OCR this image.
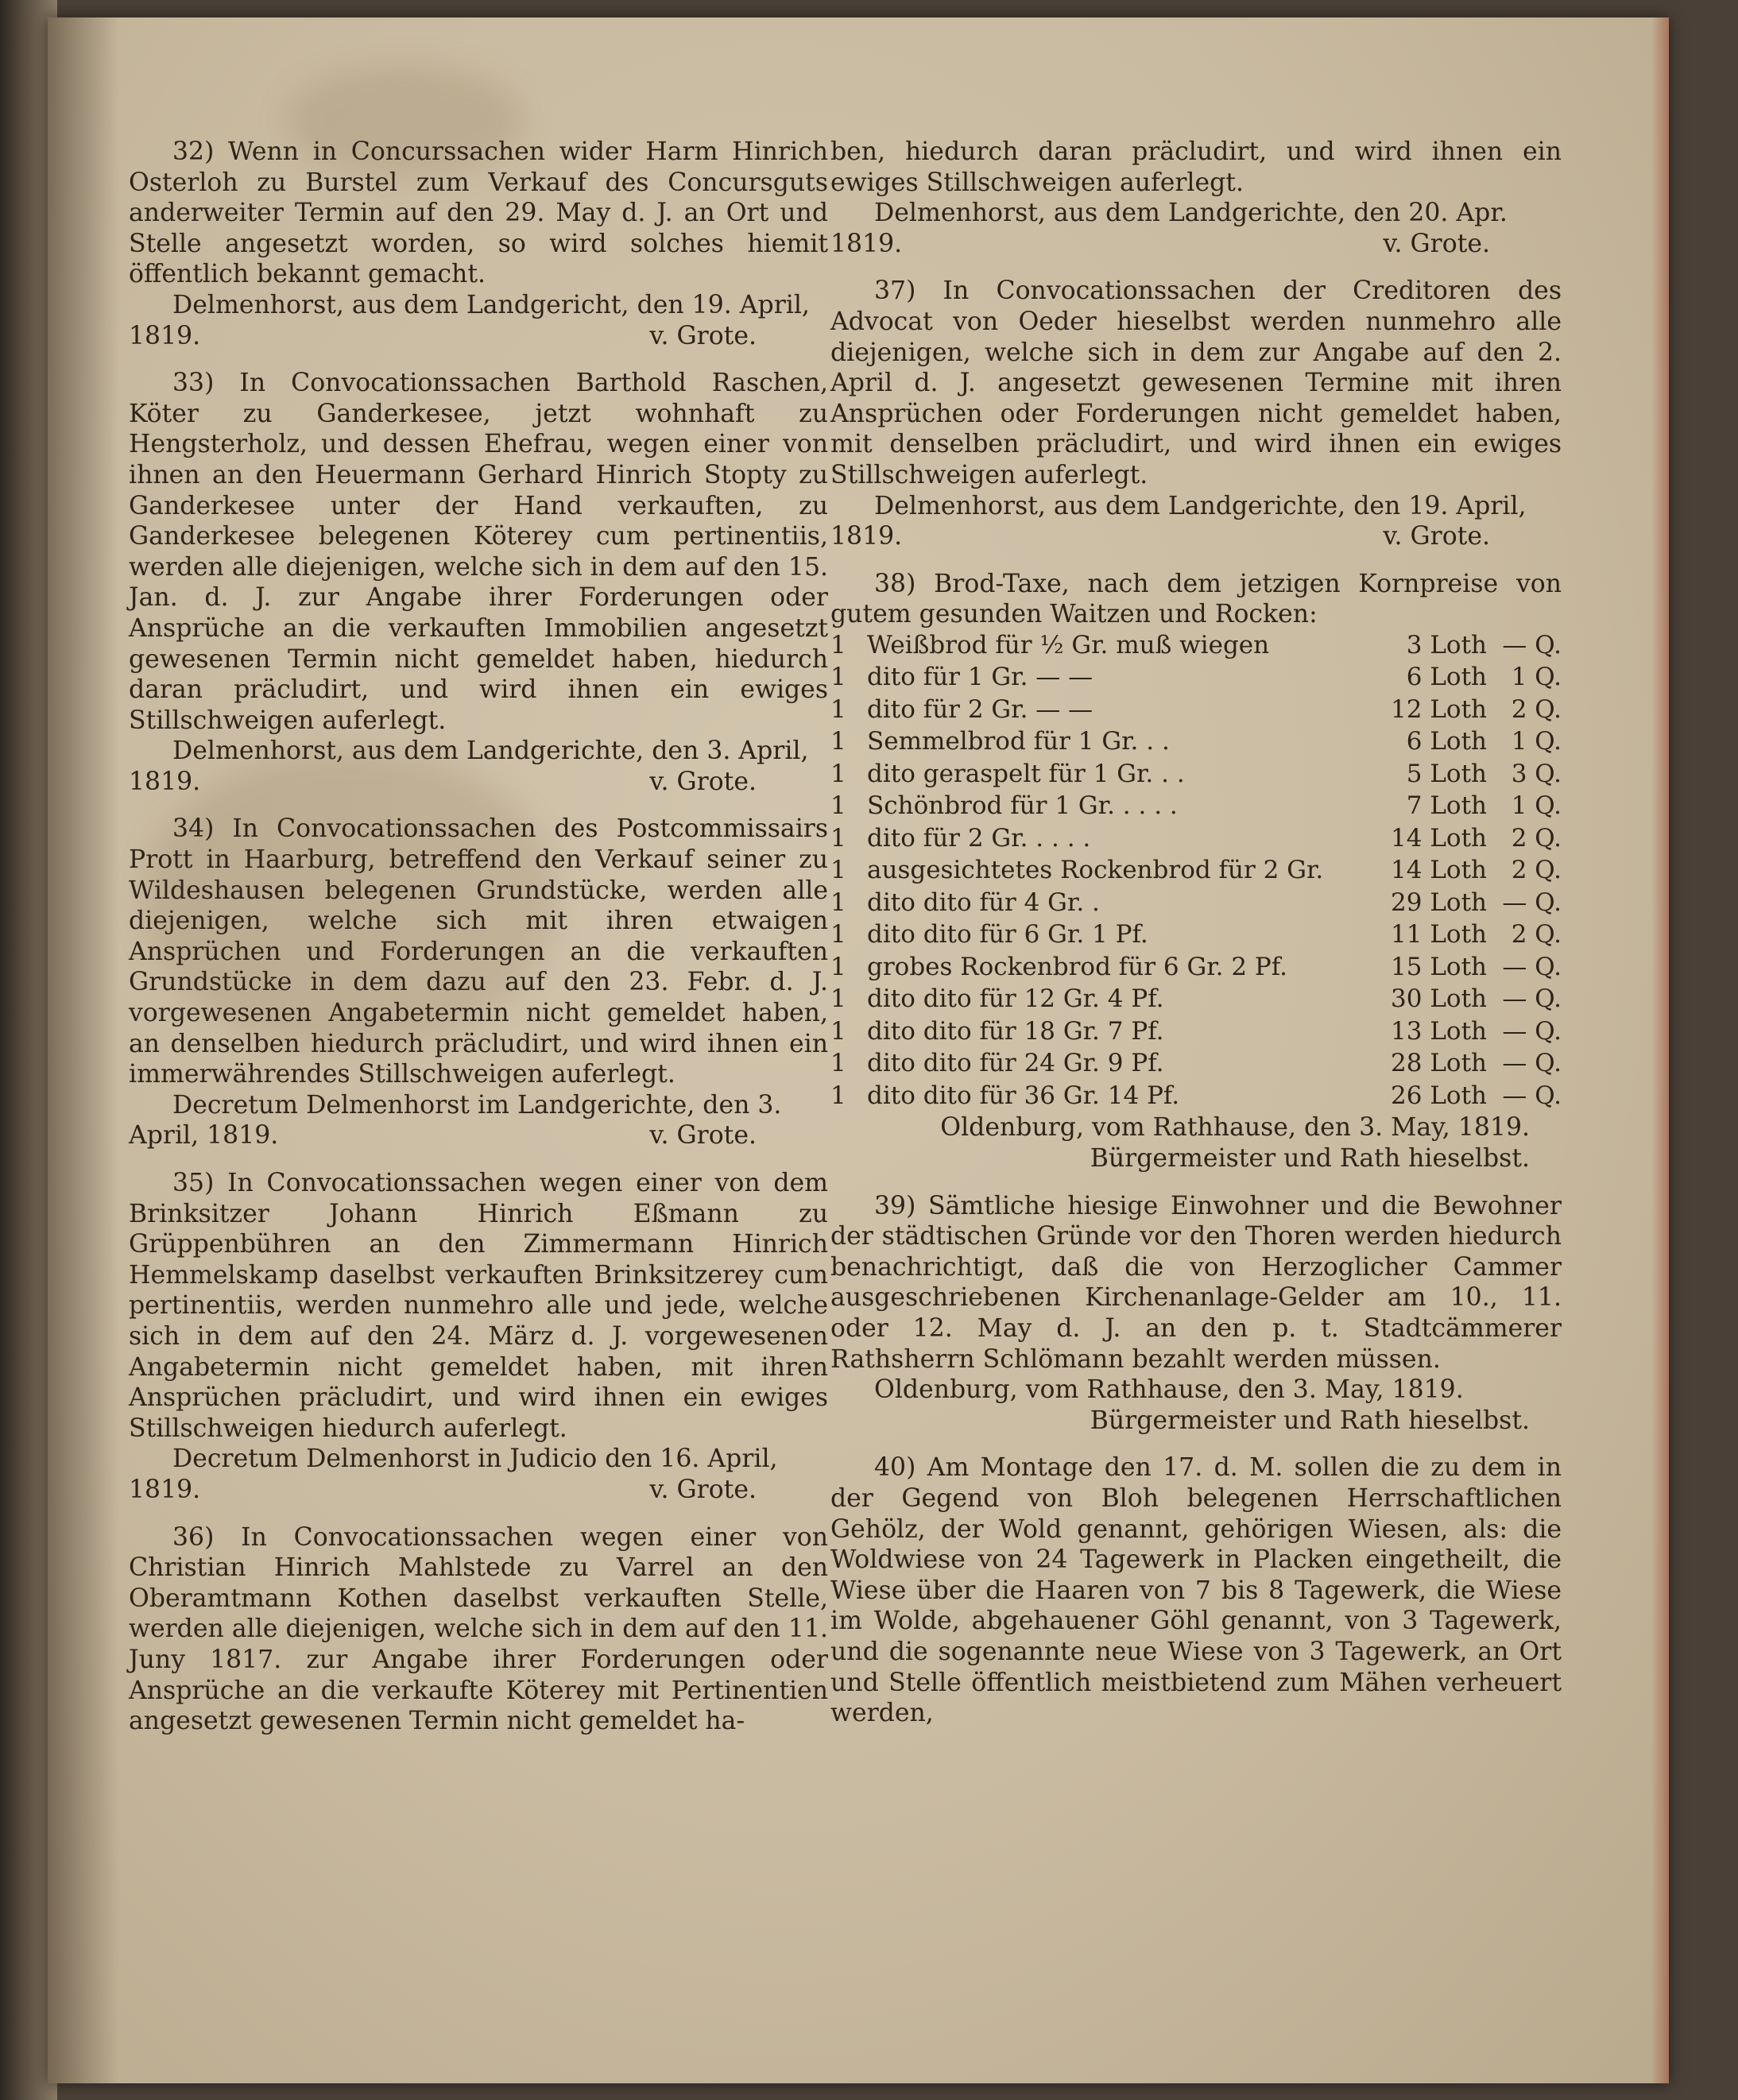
32) Wenn in Concurssachen wider Harm Hinrich Osterloh zu Burstel zum Verkauf des Concursguts anderweiter Termin auf den 29. May d. J. an Ort und Stelle angesetzt worden, so wird solches hiemit öffentlich bekannt gemacht.

Delmenhorst, aus dem Landgericht, den 19. April,

1819.	v. Grote.

33) In Convocationssachen Barthold Raschen, Köter zu Ganderkesee, jetzt wohnhaft zu Hengsterholz, und dessen Ehefrau, wegen einer von ihnen an den Heuermann Gerhard Hinrich Stopty zu Ganderkesee unter der Hand verkauften, zu Ganderkesee belegenen Köterey cum pertinentiis, werden alle diejenigen, welche sich in dem auf den 15. Jan. d. J. zur Angabe ihrer Forderungen oder Ansprüche an die verkauften Immobilien angesetzt gewesenen Termin nicht gemeldet haben, hiedurch daran präcludirt, und wird ihnen ein ewiges Stillschweigen auferlegt.

Delmenhorst, aus dem Landgerichte, den 3. April,

1819.	v. Grote.

34) In Convocationssachen des Postcommissairs Prott in Haarburg, betreffend den Verkauf seiner zu Wildeshausen belegenen Grundstücke, werden alle diejenigen, welche sich mit ihren etwaigen Ansprüchen und Forderungen an die verkauften Grundstücke in dem dazu auf den 23. Febr. d. J. vorgewesenen Angabetermin nicht gemeldet haben, an denselben hiedurch präcludirt, und wird ihnen ein immerwährendes Stillschweigen auferlegt.

Decretum Delmenhorst im Landgerichte, den 3.

April, 1819.	v. Grote.

35) In Convocationssachen wegen einer von dem Brinksitzer Johann Hinrich Eßmann zu Grüppenbühren an den Zimmermann Hinrich Hemmelskamp daselbst verkauften Brinksitzerey cum pertinentiis, werden nunmehro alle und jede, welche sich in dem auf den 24. März d. J. vorgewesenen Angabetermin nicht gemeldet haben, mit ihren Ansprüchen präcludirt, und wird ihnen ein ewiges Stillschweigen hiedurch auferlegt.

Decretum Delmenhorst in Judicio den 16. April,

1819.	v. Grote.

36) In Convocationssachen wegen einer von Christian Hinrich Mahlstede zu Varrel an den Oberamtmann Kothen daselbst verkauften Stelle, werden alle diejenigen, welche sich in dem auf den 11. Juny 1817. zur Angabe ihrer Forderungen oder Ansprüche an die verkaufte Köterey mit Pertinentien angesetzt gewesenen Termin nicht gemeldet ha-

ben, hiedurch daran präcludirt, und wird ihnen ein ewiges Stillschweigen auferlegt.

Delmenhorst, aus dem Landgerichte, den 20. Apr.

1819.	v. Grote.

37) In Convocationssachen der Creditoren des Advocat von Oeder hieselbst werden nunmehro alle diejenigen, welche sich in dem zur Angabe auf den 2. April d. J. angesetzt gewesenen Termine mit ihren Ansprüchen oder Forderungen nicht gemeldet haben, mit denselben präcludirt, und wird ihnen ein ewiges Stillschweigen auferlegt.

Delmenhorst, aus dem Landgerichte, den 19. April,

1819.	v. Grote.

38) Brod-Taxe, nach dem jetzigen Kornpreise von gutem gesunden Waitzen und Rocken:

1	Weißbrod für ½ Gr. muß wiegen	3 Loth	— Q.
1	dito für 1 Gr. — —	6 Loth	1 Q.
1	dito für 2 Gr. — —	12 Loth	2 Q.
1	Semmelbrod für 1 Gr. . .	6 Loth	1 Q.
1	dito geraspelt für 1 Gr. . .	5 Loth	3 Q.
1	Schönbrod für 1 Gr. . . . .	7 Loth	1 Q.
1	dito für 2 Gr. . . . .	14 Loth	2 Q.
1	ausgesichtetes Rockenbrod für 2 Gr.	14 Loth	2 Q.
1	dito dito für 4 Gr. .	29 Loth	— Q.
1	dito dito für 6 Gr. 1 Pf.	11 Loth	2 Q.
1	grobes Rockenbrod für 6 Gr. 2 Pf.	15 Loth	— Q.
1	dito dito für 12 Gr. 4 Pf.	30 Loth	— Q.
1	dito dito für 18 Gr. 7 Pf.	13 Loth	— Q.
1	dito dito für 24 Gr. 9 Pf.	28 Loth	— Q.
1	dito dito für 36 Gr. 14 Pf.	26 Loth	— Q.

Oldenburg, vom Rathhause, den 3. May, 1819.

Bürgermeister und Rath hieselbst.

39) Sämtliche hiesige Einwohner und die Bewohner der städtischen Gründe vor den Thoren werden hiedurch benachrichtigt, daß die von Herzoglicher Cammer ausgeschriebenen Kirchenanlage-Gelder am 10., 11. oder 12. May d. J. an den p. t. Stadtcämmerer Rathsherrn Schlömann bezahlt werden müssen.

Oldenburg, vom Rathhause, den 3. May, 1819.

Bürgermeister und Rath hieselbst.

40) Am Montage den 17. d. M. sollen die zu dem in der Gegend von Bloh belegenen Herrschaftlichen Gehölz, der Wold genannt, gehörigen Wiesen, als: die Woldwiese von 24 Tagewerk in Placken eingetheilt, die Wiese über die Haaren von 7 bis 8 Tagewerk, die Wiese im Wolde, abgehauener Göhl genannt, von 3 Tagewerk, und die sogenannte neue Wiese von 3 Tagewerk, an Ort und Stelle öffentlich meistbietend zum Mähen verheuert werden,
